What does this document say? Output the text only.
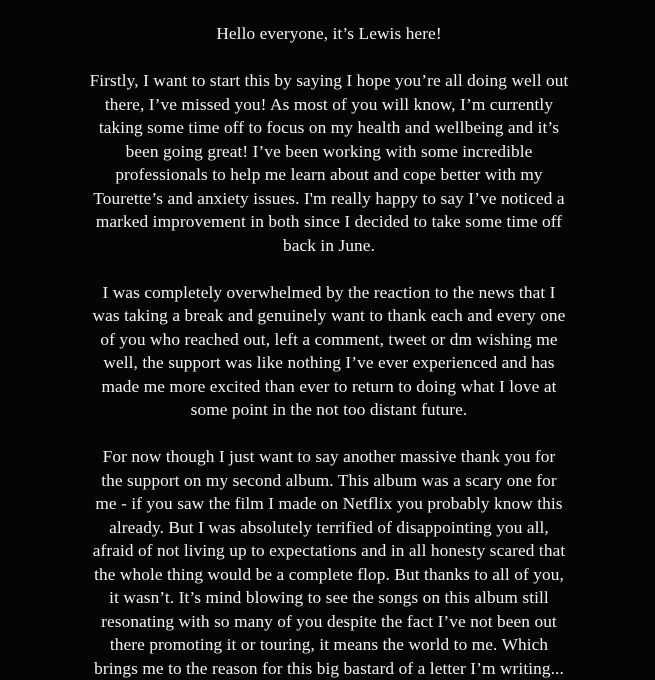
Hello everyone, it’s Lewis here!

Firstly, I want to start this by saying I hope you’re all doing well out
there, I’ve missed you! As most of you will know, I’m currently
taking some time off to focus on my health and wellbeing and it’s
been going great! I’ve been working with some incredible
professionals to help me learn about and cope better with my
Tourette’s and anxiety issues. I'm really happy to say I’ve noticed a
marked improvement in both since I decided to take some time off
back in June.

I was completely overwhelmed by the reaction to the news that I
was taking a break and genuinely want to thank each and every one
of you who reached out, left a comment, tweet or dm wishing me
well, the support was like nothing I’ve ever experienced and has
made me more excited than ever to return to doing what I love at
some point in the not too distant future.

For now though I just want to say another massive thank you for
the support on my second album. This album was a scary one for
me - if you saw the film I made on Netflix you probably know this
already. But I was absolutely terrified of disappointing you all,
afraid of not living up to expectations and in all honesty scared that
the whole thing would be a complete flop. But thanks to all of you,
it wasn’t. It’s mind blowing to see the songs on this album still
resonating with so many of you despite the fact I’ve not been out
there promoting it or touring, it means the world to me. Which
brings me to the reason for this big bastard of a letter I’m writing...
